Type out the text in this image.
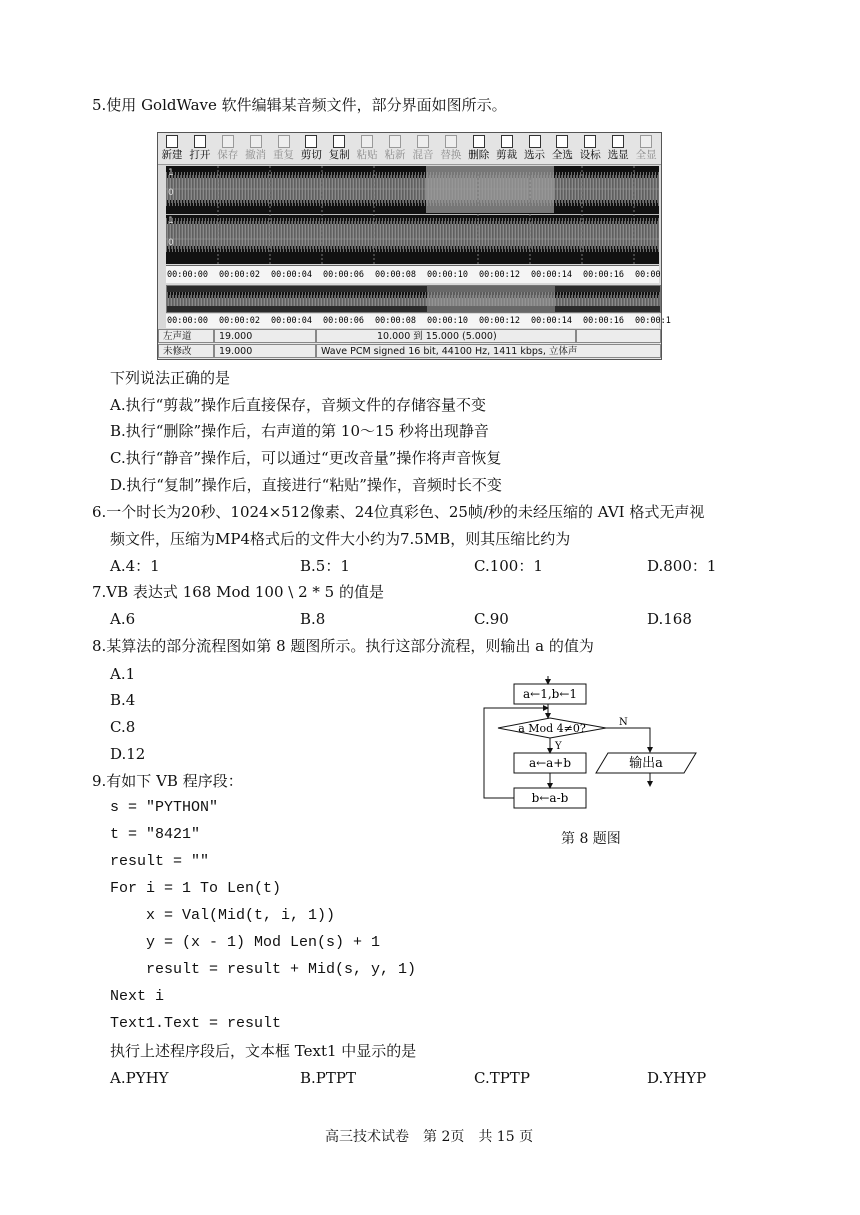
5.使用 GoldWave 软件编辑某音频文件，部分界面如图所示。
新建 打开 保存 撤消 重复 剪切 复制 粘贴 粘新 混音 替换 删除 剪裁 选示 全选 设标 选显 全显
1
0
1
0
00:00:00 00:00:02 00:00:04 00:00:06 00:00:08 00:00:10 00:00:12 00:00:14 00:00:16 00:00
00:00:00 00:00:02 00:00:04 00:00:06 00:00:08 00:00:10 00:00:12 00:00:14 00:00:16 00:00:1
左声道	19.000	10.000 到 15.000 (5.000)
未修改	19.000	Wave PCM signed 16 bit, 44100 Hz, 1411 kbps, 立体声
下列说法正确的是
A.执行“剪裁”操作后直接保存，音频文件的存储容量不变
B.执行“删除”操作后，右声道的第 10～15 秒将出现静音
C.执行“静音”操作后，可以通过“更改音量”操作将声音恢复
D.执行“复制”操作后，直接进行“粘贴”操作，音频时长不变
6.一个时长为20秒、1024×512像素、24位真彩色、25帧/秒的未经压缩的 AVI 格式无声视
频文件，压缩为MP4格式后的文件大小约为7.5MB，则其压缩比约为
A.4：1	B.5：1	C.100：1	D.800：1
7.VB 表达式 168 Mod 100 \ 2 * 5 的值是
A.6	B.8	C.90	D.168
8.某算法的部分流程图如第 8 题图所示。执行这部分流程，则输出 a 的值为
A.1
B.4
C.8
D.12
a←1,b←1
a Mod 4≠0?
Y
N
a←a+b
b←a-b
输出a
第 8 题图
9.有如下 VB 程序段：
s = "PYTHON"
t = "8421"
result = ""
For i = 1 To Len(t)
x = Val(Mid(t, i, 1))
y = (x - 1) Mod Len(s) + 1
result = result + Mid(s, y, 1)
Next i
Text1.Text = result
执行上述程序段后，文本框 Text1 中显示的是
A.PYHY	B.PTPT	C.TPTP	D.YHYP
高三技术试卷　第 2页　共 15 页
